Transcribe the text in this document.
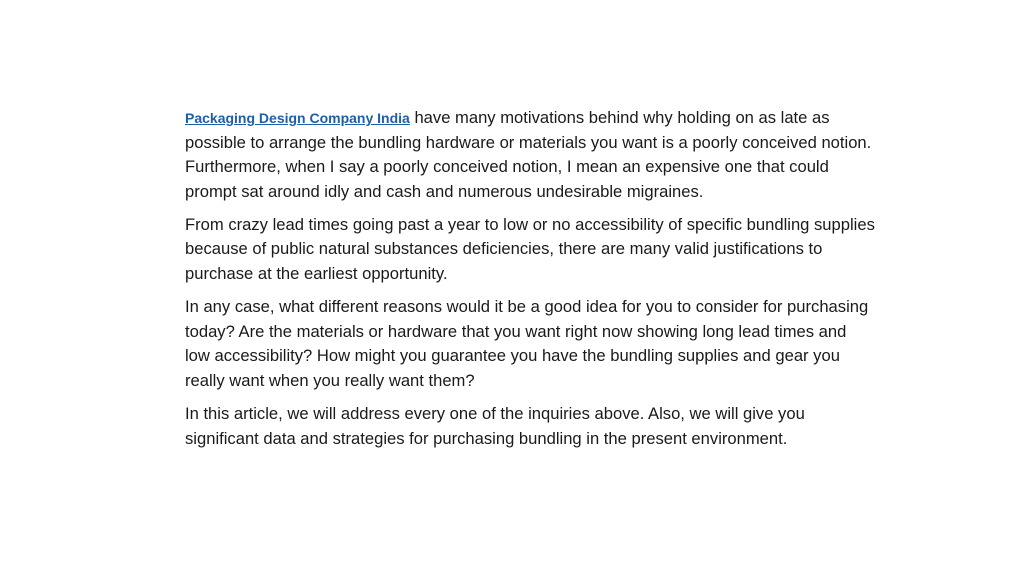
Packaging Design Company India have many motivations behind why holding on as late as possible to arrange the bundling hardware or materials you want is a poorly conceived notion. Furthermore, when I say a poorly conceived notion, I mean an expensive one that could prompt sat around idly and cash and numerous undesirable migraines.

From crazy lead times going past a year to low or no accessibility of specific bundling supplies because of public natural substances deficiencies, there are many valid justifications to purchase at the earliest opportunity.

In any case, what different reasons would it be a good idea for you to consider for purchasing today? Are the materials or hardware that you want right now showing long lead times and low accessibility? How might you guarantee you have the bundling supplies and gear you really want when you really want them?

In this article, we will address every one of the inquiries above. Also, we will give you significant data and strategies for purchasing bundling in the present environment.
